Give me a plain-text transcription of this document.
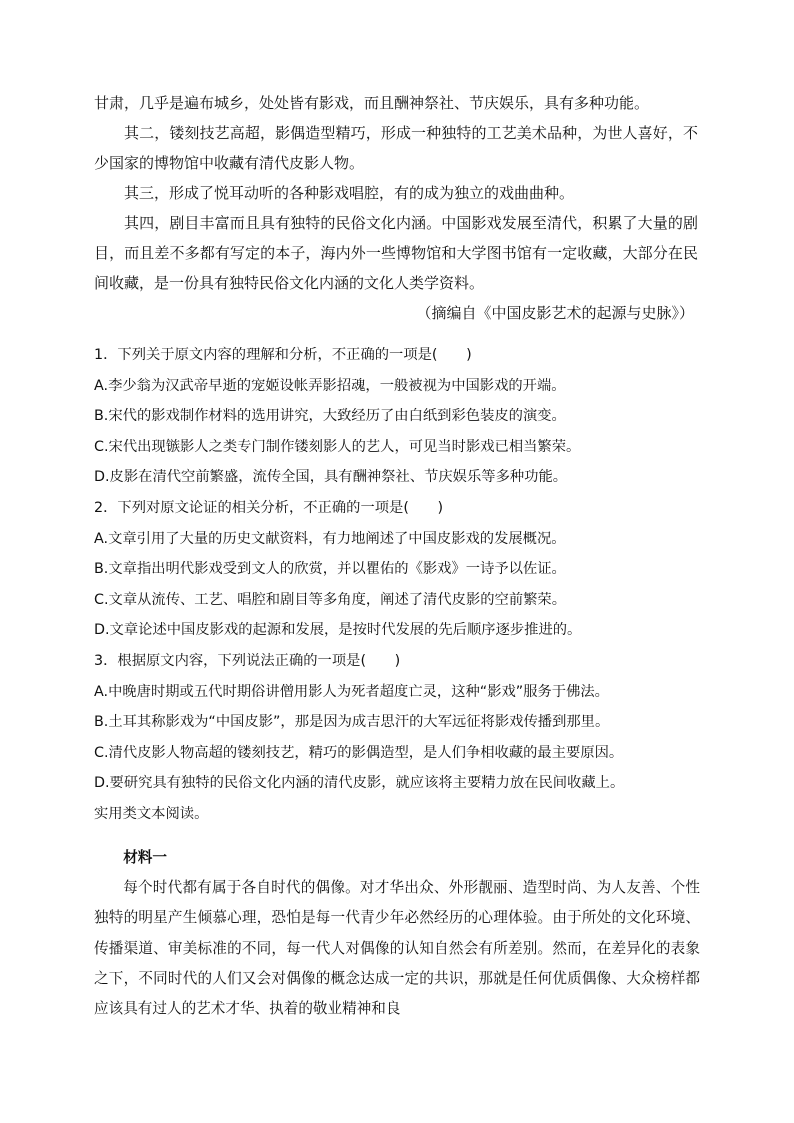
甘肃，几乎是遍布城乡，处处皆有影戏，而且酬神祭社、节庆娱乐，具有多种功能。

其二，镂刻技艺高超，影偶造型精巧，形成一种独特的工艺美术品种，为世人喜好，不少国家的博物馆中收藏有清代皮影人物。

其三，形成了悦耳动听的各种影戏唱腔，有的成为独立的戏曲曲种。

其四，剧目丰富而且具有独特的民俗文化内涵。中国影戏发展至清代，积累了大量的剧目，而且差不多都有写定的本子，海内外一些博物馆和大学图书馆有一定收藏，大部分在民间收藏，是一份具有独特民俗文化内涵的文化人类学资料。

（摘编自《中国皮影艺术的起源与史脉》）

1．下列关于原文内容的理解和分析，不正确的一项是(　　)
A.李少翁为汉武帝早逝的宠姬设帐弄影招魂，一般被视为中国影戏的开端。
B.宋代的影戏制作材料的选用讲究，大致经历了由白纸到彩色装皮的演变。
C.宋代出现镞影人之类专门制作镂刻影人的艺人，可见当时影戏已相当繁荣。
D.皮影在清代空前繁盛，流传全国，具有酬神祭社、节庆娱乐等多种功能。
2．下列对原文论证的相关分析，不正确的一项是(　　)
A.文章引用了大量的历史文献资料，有力地阐述了中国皮影戏的发展概况。
B.文章指出明代影戏受到文人的欣赏，并以瞿佑的《影戏》一诗予以佐证。
C.文章从流传、工艺、唱腔和剧目等多角度，阐述了清代皮影的空前繁荣。
D.文章论述中国皮影戏的起源和发展，是按时代发展的先后顺序逐步推进的。
3．根据原文内容，下列说法正确的一项是(　　)
A.中晚唐时期或五代时期俗讲僧用影人为死者超度亡灵，这种“影戏”服务于佛法。
B.土耳其称影戏为“中国皮影”，那是因为成吉思汗的大军远征将影戏传播到那里。
C.清代皮影人物高超的镂刻技艺，精巧的影偶造型，是人们争相收藏的最主要原因。
D.要研究具有独特的民俗文化内涵的清代皮影，就应该将主要精力放在民间收藏上。
实用类文本阅读。
材料一

每个时代都有属于各自时代的偶像。对才华出众、外形靓丽、造型时尚、为人友善、个性独特的明星产生倾慕心理，恐怕是每一代青少年必然经历的心理体验。由于所处的文化环境、传播渠道、审美标准的不同，每一代人对偶像的认知自然会有所差别。然而，在差异化的表象之下，不同时代的人们又会对偶像的概念达成一定的共识，那就是任何优质偶像、大众榜样都应该具有过人的艺术才华、执着的敬业精神和良
